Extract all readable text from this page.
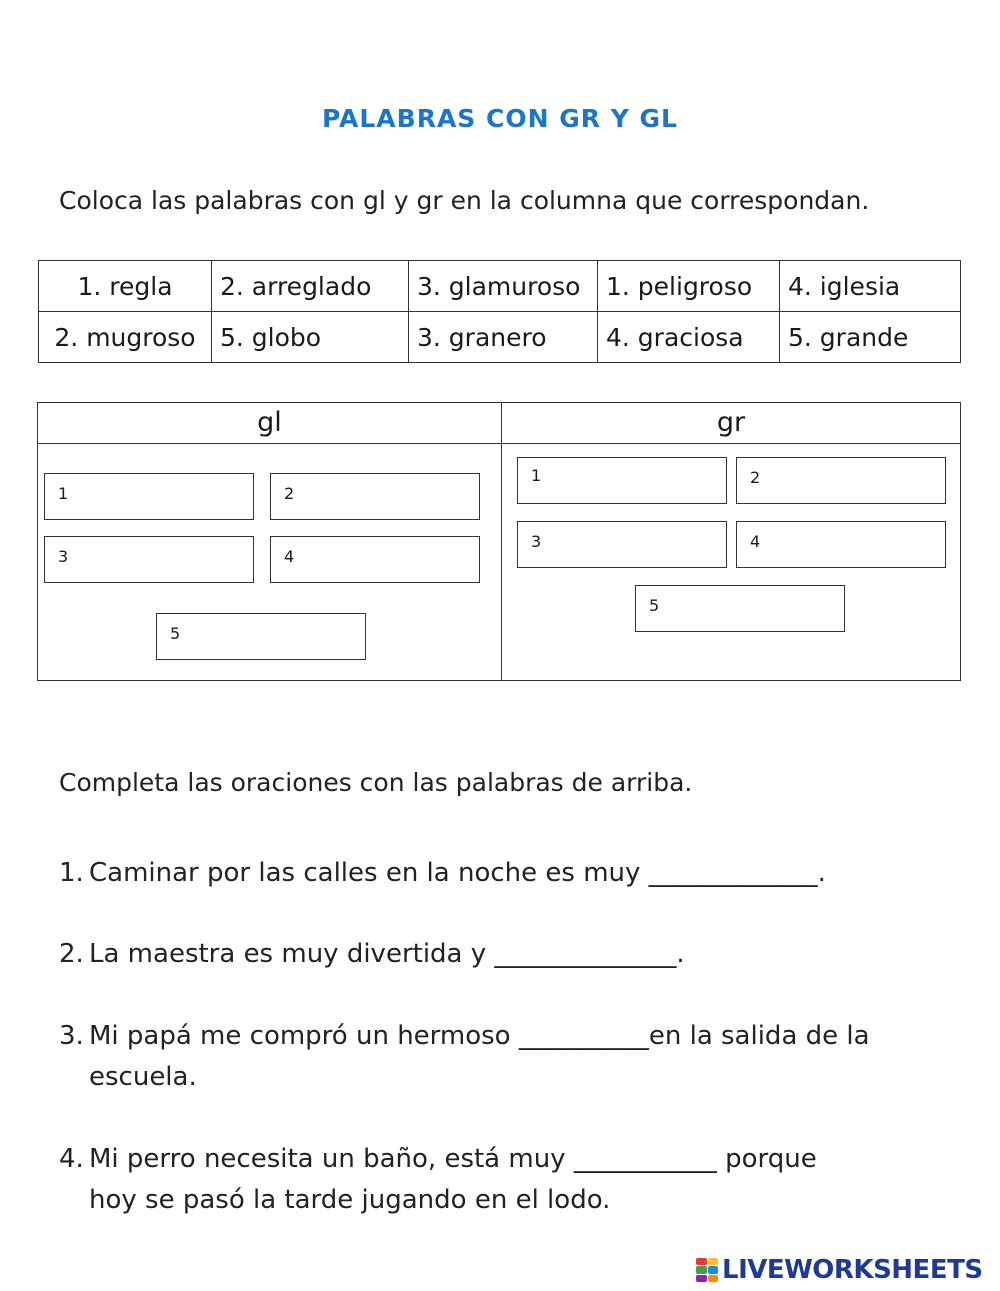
PALABRAS CON GR Y GL
Coloca las palabras con gl y gr en la columna que correspondan.
1. regla	2. arreglado	3. glamuroso	1. peligroso	4. iglesia
2. mugroso	5. globo	3. granero	4. graciosa	5. grande
gl
1	2
3	4
5
gr
1	2
3	4
5
Completa las oraciones con las palabras de arriba.
1. Caminar por las calles en la noche es muy _____________.
2. La maestra es muy divertida y ______________.
3. Mi papá me compró un hermoso __________en la salida de la
escuela.
4. Mi perro necesita un baño, está muy ___________ porque
hoy se pasó la tarde jugando en el lodo.
LIVEWORKSHEETS
